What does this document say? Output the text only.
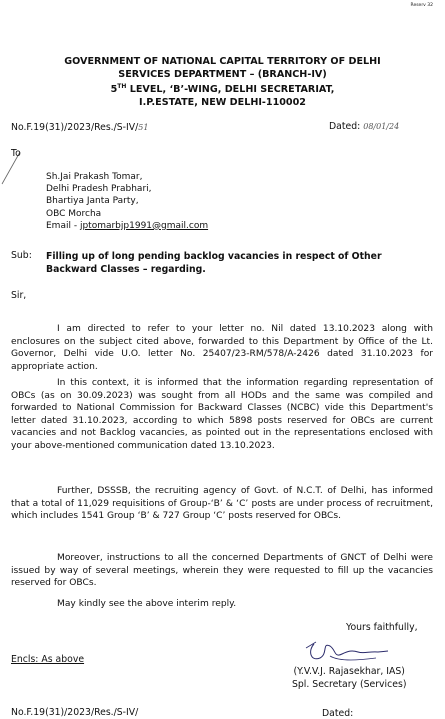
Reserv 32
GOVERNMENT OF NATIONAL CAPITAL TERRITORY OF DELHI
SERVICES DEPARTMENT – (BRANCH-IV)
5TH LEVEL, ‘B’-WING, DELHI SECRETARIAT,
I.P.ESTATE, NEW DELHI-110002
No.F.19(31)/2023/Res./S-IV/51	Dated: 08/01/24
To
Sh.Jai Prakash Tomar,
Delhi Pradesh Prabhari,
Bhartiya Janta Party,
OBC Morcha
Email - jptomarbjp1991@gmail.com
Sub: Filling up of long pending backlog vacancies in respect of Other Backward Classes – regarding.
Sir,
I am directed to refer to your letter no. Nil dated 13.10.2023 along with enclosures on the subject cited above, forwarded to this Department by Office of the Lt. Governor, Delhi vide U.O. letter No. 25407/23-RM/578/A-2426 dated 31.10.2023 for appropriate action.
In this context, it is informed that the information regarding representation of OBCs (as on 30.09.2023) was sought from all HODs and the same was compiled and forwarded to National Commission for Backward Classes (NCBC) vide this Department's letter dated 31.10.2023, according to which 5898 posts reserved for OBCs are current vacancies and not Backlog vacancies, as pointed out in the representations enclosed with your above-mentioned communication dated 13.10.2023.
Further, DSSSB, the recruiting agency of Govt. of N.C.T. of Delhi, has informed that a total of 11,029 requisitions of Group-‘B’ & ‘C’ posts are under process of recruitment, which includes 1541 Group ‘B’ & 727 Group ‘C’ posts reserved for OBCs.
Moreover, instructions to all the concerned Departments of GNCT of Delhi were issued by way of several meetings, wherein they were requested to fill up the vacancies reserved for OBCs.
May kindly see the above interim reply.
Yours faithfully,
Encls: As above
(Y.V.V.J. Rajasekhar, IAS)
Spl. Secretary (Services)
No.F.19(31)/2023/Res./S-IV/	Dated:
